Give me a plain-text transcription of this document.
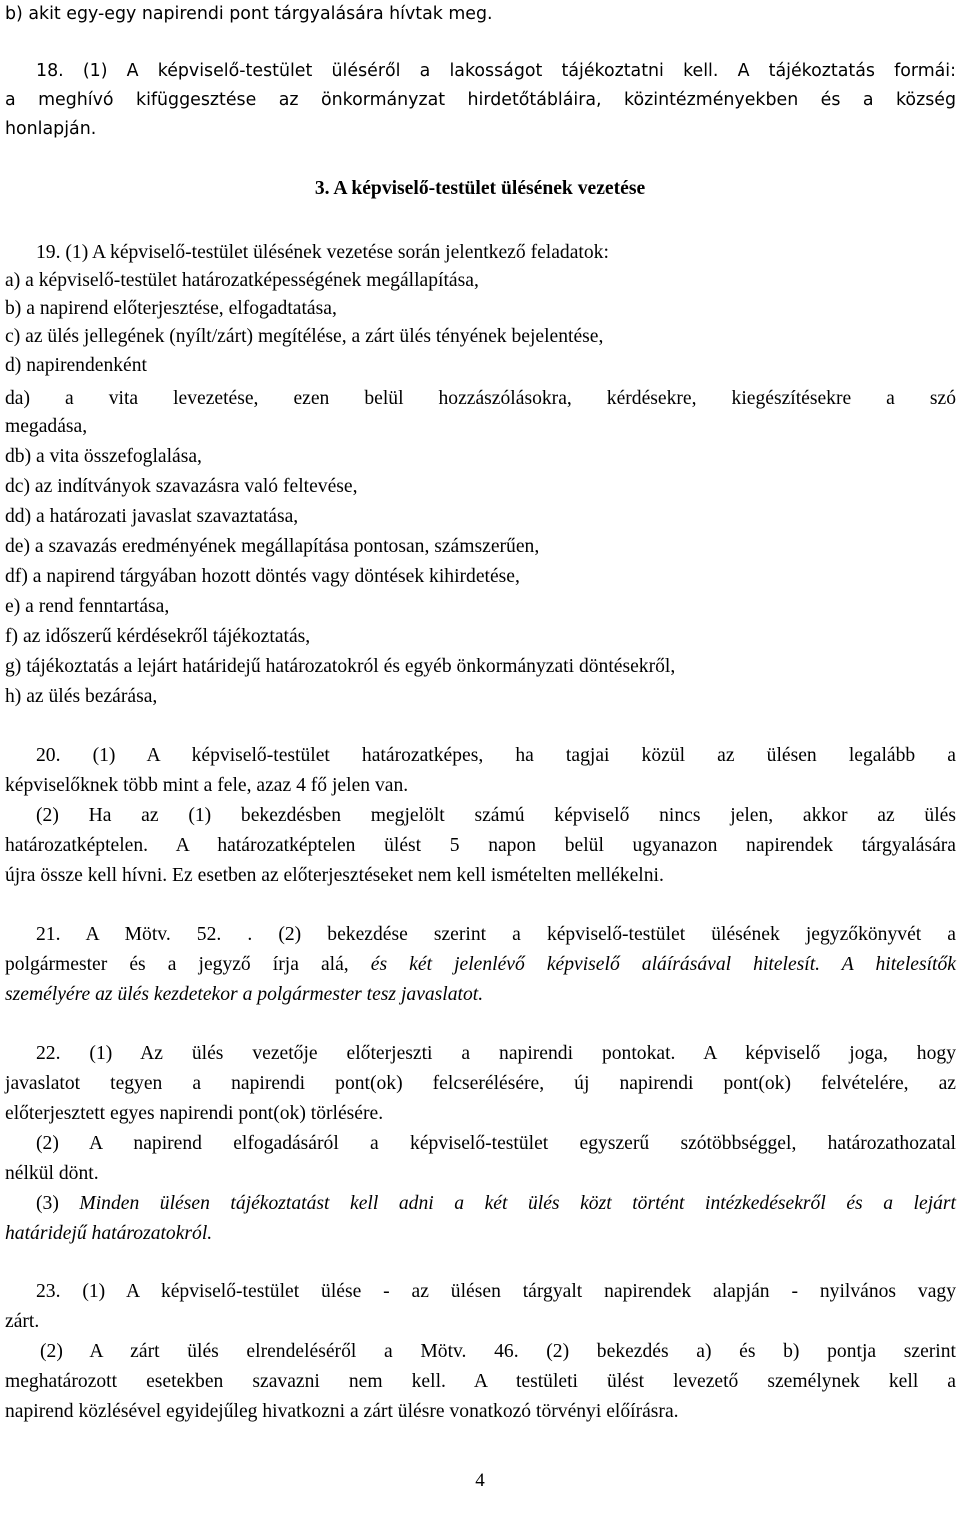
b) akit egy-egy napirendi pont tárgyalására hívtak meg.
18. (1) A képviselő-testület üléséről a lakosságot tájékoztatni kell. A tájékoztatás formái:
a meghívó kifüggesztése az önkormányzat hirdetőtábláira, közintézményekben és a község
honlapján.
3. A képviselő-testület ülésének vezetése
19. (1) A képviselő-testület ülésének vezetése során jelentkező feladatok:
a) a képviselő-testület határozatképességének megállapítása,
b) a napirend előterjesztése, elfogadtatása,
c) az ülés jellegének (nyílt/zárt) megítélése, a zárt ülés tényének bejelentése,
d) napirendenként
da) a vita levezetése, ezen belül hozzászólásokra, kérdésekre, kiegészítésekre a szó
megadása,
db) a vita összefoglalása,
dc) az indítványok szavazásra való feltevése,
dd) a határozati javaslat szavaztatása,
de) a szavazás eredményének megállapítása pontosan, számszerűen,
df) a napirend tárgyában hozott döntés vagy döntések kihirdetése,
e) a rend fenntartása,
f) az időszerű kérdésekről tájékoztatás,
g) tájékoztatás a lejárt határidejű határozatokról és egyéb önkormányzati döntésekről,
h) az ülés bezárása,
20. (1) A képviselő-testület határozatképes, ha tagjai közül az ülésen legalább a
képviselőknek több mint a fele, azaz 4 fő jelen van.
(2) Ha az (1) bekezdésben megjelölt számú képviselő nincs jelen, akkor az ülés
határozatképtelen. A határozatképtelen ülést 5 napon belül ugyanazon napirendek tárgyalására
újra össze kell hívni. Ez esetben az előterjesztéseket nem kell ismételten mellékelni.
21. A Mötv. 52. . (2) bekezdése szerint a képviselő-testület ülésének jegyzőkönyvét a
polgármester és a jegyző írja alá, és két jelenlévő képviselő aláírásával hitelesít. A hitelesítők
személyére az ülés kezdetekor a polgármester tesz javaslatot.
22. (1) Az ülés vezetője előterjeszti a napirendi pontokat. A képviselő joga, hogy
javaslatot tegyen a napirendi pont(ok) felcserélésére, új napirendi pont(ok) felvételére, az
előterjesztett egyes napirendi pont(ok) törlésére.
(2) A napirend elfogadásáról a képviselő-testület egyszerű szótöbbséggel, határozathozatal
nélkül dönt.
(3) Minden ülésen tájékoztatást kell adni a két ülés közt történt intézkedésekről és a lejárt
határidejű határozatokról.
23. (1) A képviselő-testület ülése - az ülésen tárgyalt napirendek alapján - nyilvános vagy
zárt.
(2) A zárt ülés elrendeléséről a Mötv. 46. (2) bekezdés a) és b) pontja szerint
meghatározott esetekben szavazni nem kell. A testületi ülést levezető személynek kell a
napirend közlésével egyidejűleg hivatkozni a zárt ülésre vonatkozó törvényi előírásra.
4
